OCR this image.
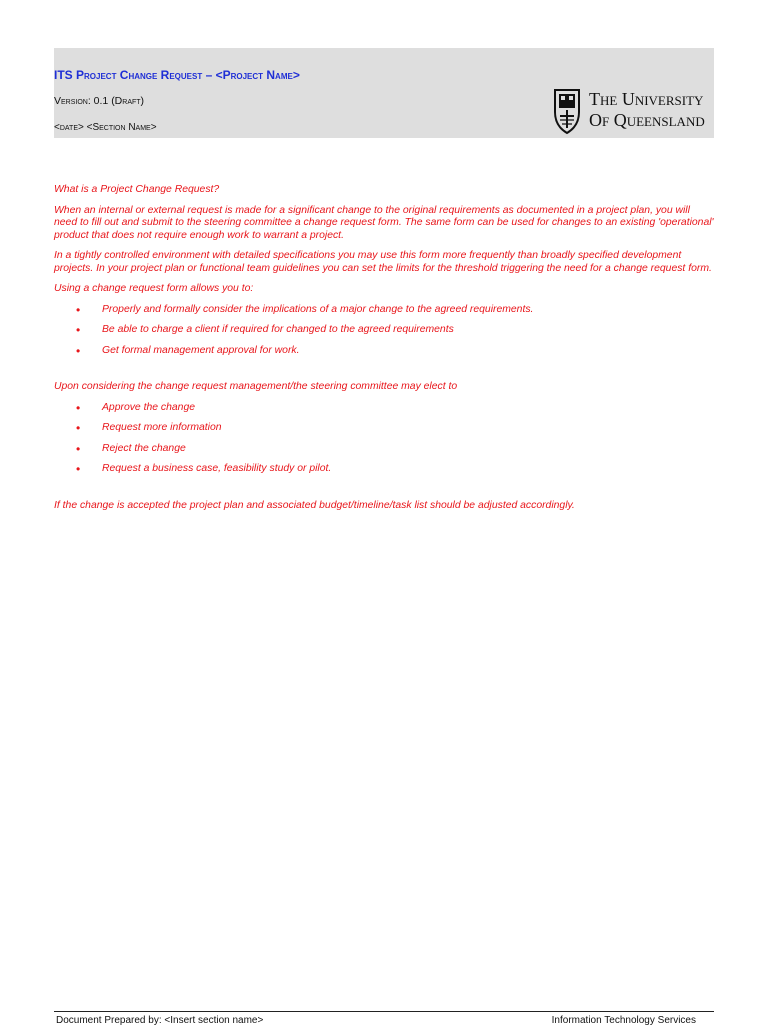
ITS Project Change Request – <Project Name>
Version: 0.1 (Draft)
<date> <Section Name>
The University
Of Queensland

What is a Project Change Request?

When an internal or external request is made for a significant change to the original requirements as documented in a project plan, you will need to fill out and submit to the steering committee a change request form. The same form can be used for changes to an existing 'operational' product that does not require enough work to warrant a project.

In a tightly controlled environment with detailed specifications you may use this form more frequently than broadly specified development projects. In your project plan or functional team guidelines you can set the limits for the threshold triggering the need for a change request form.

Using a change request form allows you to:

• Properly and formally consider the implications of a major change to the agreed requirements.
• Be able to charge a client if required for changed to the agreed requirements
• Get formal management approval for work.

Upon considering the change request management/the steering committee may elect to

• Approve the change
• Request more information
• Reject the change
• Request a business case, feasibility study or pilot.

If the change is accepted the project plan and associated budget/timeline/task list should be adjusted accordingly.

Document Prepared by: <Insert section name>	Information Technology Services
